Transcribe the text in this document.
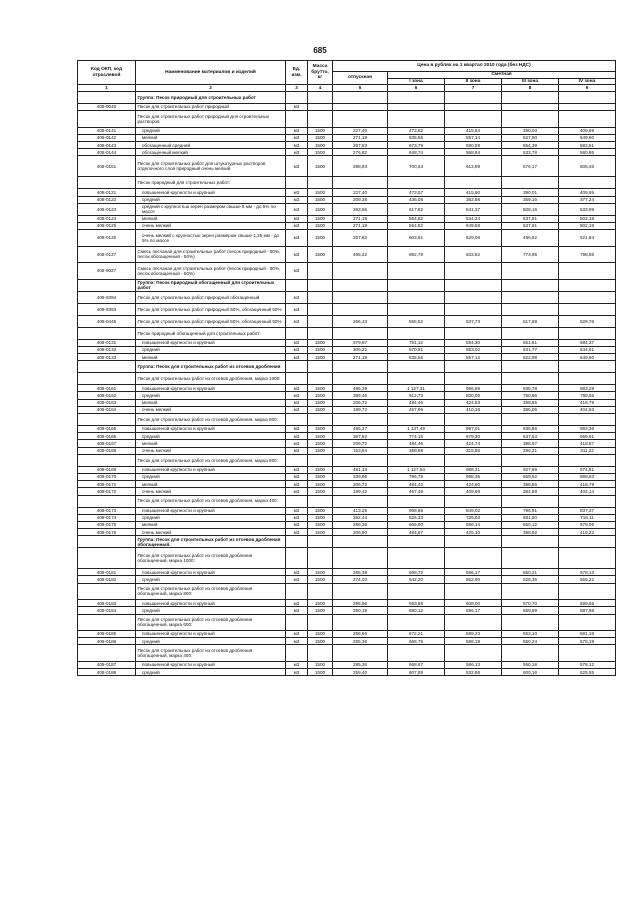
685
Код ОКП, код отраслевой	Наименование материалов и изделий	Ед. изм.	Масса брутто, кг	Цена в рублях на 1 квартал 2010 года (без НДС)				
				отпускная	Сметная			
					I зона	II зона	III зона	IV зона
1	2	3	4	5	6	7	8	9
	Группа: Песок природный для строительных работ							
408-9040	Песок для строительных работ природный	м3						
	Песок для строительных работ природный для строительных растворов							
408-0141	средний	м3	1500	227,40	473,62	415,64	390,03	409,69
408-0142	мелкий	м3	1500	271,19	635,56	557,14	527,90	549,60
408-0143	обогащенный средний	м3	1500	287,53	673,79	590,59	554,39	582,61
408-0144	обогащенный мелкий	м3	1500	276,82	648,74	568,64	533,78	560,95
408-0151	Песок для строительных работ для штукатурных растворов отделочного слоя природный очень мелкий	м3	1500	298,93	700,53	613,99	576,17	605,46
	Песок природный для строительных работ:							
408-0121	повышенной крупности и крупный	м3	1500	227,40	473,57	415,60	390,01	409,65
408-0122	средний	м3	1500	209,39	436,08	382,68	359,16	377,24
408-0123	средний с крупностью зерен размером свыше 5 мм - до 5% по массе	м3	1500	263,56	617,62	541,37	508,16	533,99
408-0124	мелкий	м3	1500	271,19	564,82	534,24	537,91	502,18
408-0125	очень мелкий	м3	1500	271,19	564,82	649,58	537,91	502,18
408-0126	очень мелкий с крупностью зерен размером свыше 1,25 мм - до 5% по массе	м3	1500	257,82	603,61	529,08	496,62	521,84
408-0127	Смесь песчаная для строительных работ (песок природный - 50%, песок обогащенный - 50%)	м3	1500	495,22	892,78	833,62	773,95	798,65
408-9027	Смесь песчаная для строительных работ (песок природный - 50%, песок обогащенный - 50%)	м3						
	Группа: Песок природный обогащенный для строительных работ							
408-9394	Песок для строительных работ природный обогащенный	м3						
408-9393	Песок для строительных работ природный 50%, обогащенный 50%	м3						
408-0445	Песок для строительных работ природный 50%, обогащенный 50%	м3		266,43	555,52	537,73	517,69	529,76
	Песок природный обогащенный для строительных работ:							
408-0131	повышенной крупности и крупный	м3	1500	379,87	791,12	694,30	651,61	684,37
408-0132	средний	м3	1500	309,22	570,91	553,02	531,77	544,61
408-0133	мелкий	м3	1500	271,19	635,56	557,12	522,98	549,60
	Группа: Песок для строительных работ из отсевов дробления							
	Песок для строительных работ из отсевов дробления, марка 1000:							
408-0161	повышенной крупности и крупный	м3	1500	485,29	1 127,31	996,89	935,78	983,29
408-0162	средний	м3	1500	389,46	912,73	800,05	750,96	789,55
408-0163	мелкий	м3	1500	206,72	484,46	424,63	398,55	418,79
408-0164	очень мелкий	м3	1500	199,72	467,96	410,18	385,06	404,63
	Песок для строительных работ из отсевов дробления, марка 800:							
408-0165	повышенной крупности и крупный	м3	1500	485,37	1 137,49	997,01	935,86	983,36
408-0166	средний	м3	1500	387,92	774,15	679,30	637,54	669,61
408-0167	мелкий	м3	1500	206,72	484,46	424,74	398,67	418,87
408-0168	очень мелкий	м3	1500	153,64	359,98	315,56	296,21	311,22
	Песок для строительных работ из отсевов дробления, марка 600:							
408-0169	повышенной крупности и крупный	м3	1500	481,13	1 127,54	988,31	927,69	974,81
408-0170	средний	м3	1500	339,96	796,75	698,35	655,52	688,83
408-0171	мелкий	м3	1500	206,72	484,42	424,60	398,55	418,79
408-0172	очень мелкий	м3	1500	199,42	467,48	409,69	384,58	404,14
	Песок для строительных работ из отсевов дробления, марка 400:							
408-0173	повышенной крупности и крупный	м3	1500	413,29	968,86	849,02	796,91	837,37
408-0174	средний	м3	1500	352,44	826,33	726,03	681,50	716,11
408-0175	мелкий	м3	1500	286,36	669,60	586,14	550,12	578,05
408-0176	очень мелкий	м3	1500	206,90	484,67	425,10	398,92	419,22
	Группа: Песок для строительных работ из отсевов дробления обогащенный.							
	Песок для строительных работ из отсевов дробления обогащенный, марка 1000:							
408-0181	повышенной крупности и крупный	м3	1500	285,39	668,72	586,17	550,21	578,13
408-0182	средний	м3	1500	274,03	642,20	562,90	528,35	555,22
	Песок для строительных работ из отсевов дробления обогащенный, марка 800:							
408-0183	повышенной крупности и крупный	м3	1500	295,96	693,69	608,00	570,70	599,65
408-0184	средний	м3	1500	290,19	680,12	596,17	559,59	587,98
	Песок для строительных работ из отсевов дробления обогащенный, марка 600:							
408-0185	повышенной крупности и крупный	м3	1500	286,66	672,21	589,23	553,10	581,18
408-0186	средний	м3	1500	285,36	668,75	586,19	550,24	578,19
	Песок для строительных работ из отсевов дробления обогащенный, марка 400:							
408-0187	повышенной крупности и крупный	м3	1500	285,36	668,67	586,13	550,18	578,12
408-0188	средний	м3	1500	259,40	607,89	532,86	500,16	525,55
